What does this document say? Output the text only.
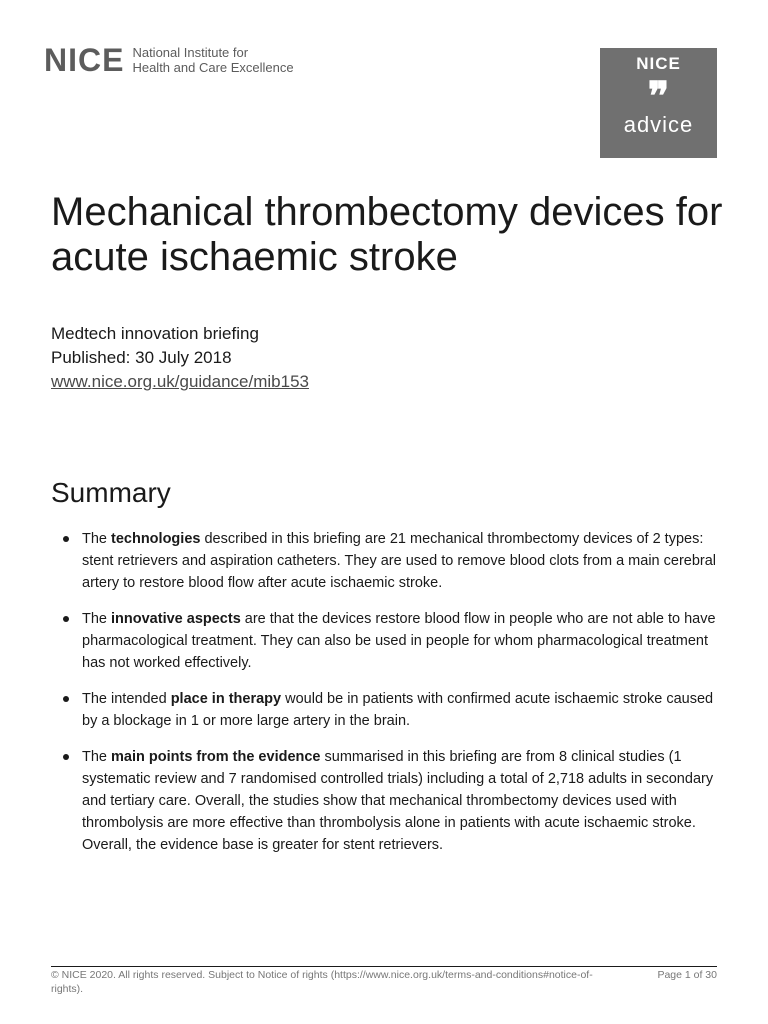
NICE National Institute for
Health and Care Excellence	NICE
❞
advice
Mechanical thrombectomy devices for acute ischaemic stroke
Medtech innovation briefing
Published: 30 July 2018
www.nice.org.uk/guidance/mib153
Summary
The technologies described in this briefing are 21 mechanical thrombectomy devices of 2 types: stent retrievers and aspiration catheters. They are used to remove blood clots from a main cerebral artery to restore blood flow after acute ischaemic stroke.
The innovative aspects are that the devices restore blood flow in people who are not able to have pharmacological treatment. They can also be used in people for whom pharmacological treatment has not worked effectively.
The intended place in therapy would be in patients with confirmed acute ischaemic stroke caused by a blockage in 1 or more large artery in the brain.
The main points from the evidence summarised in this briefing are from 8 clinical studies (1 systematic review and 7 randomised controlled trials) including a total of 2,718 adults in secondary and tertiary care. Overall, the studies show that mechanical thrombectomy devices used with thrombolysis are more effective than thrombolysis alone in patients with acute ischaemic stroke. Overall, the evidence base is greater for stent retrievers.
© NICE 2020. All rights reserved. Subject to Notice of rights (https://www.nice.org.uk/terms-and-conditions#notice-of-rights).
Page 1 of 30
